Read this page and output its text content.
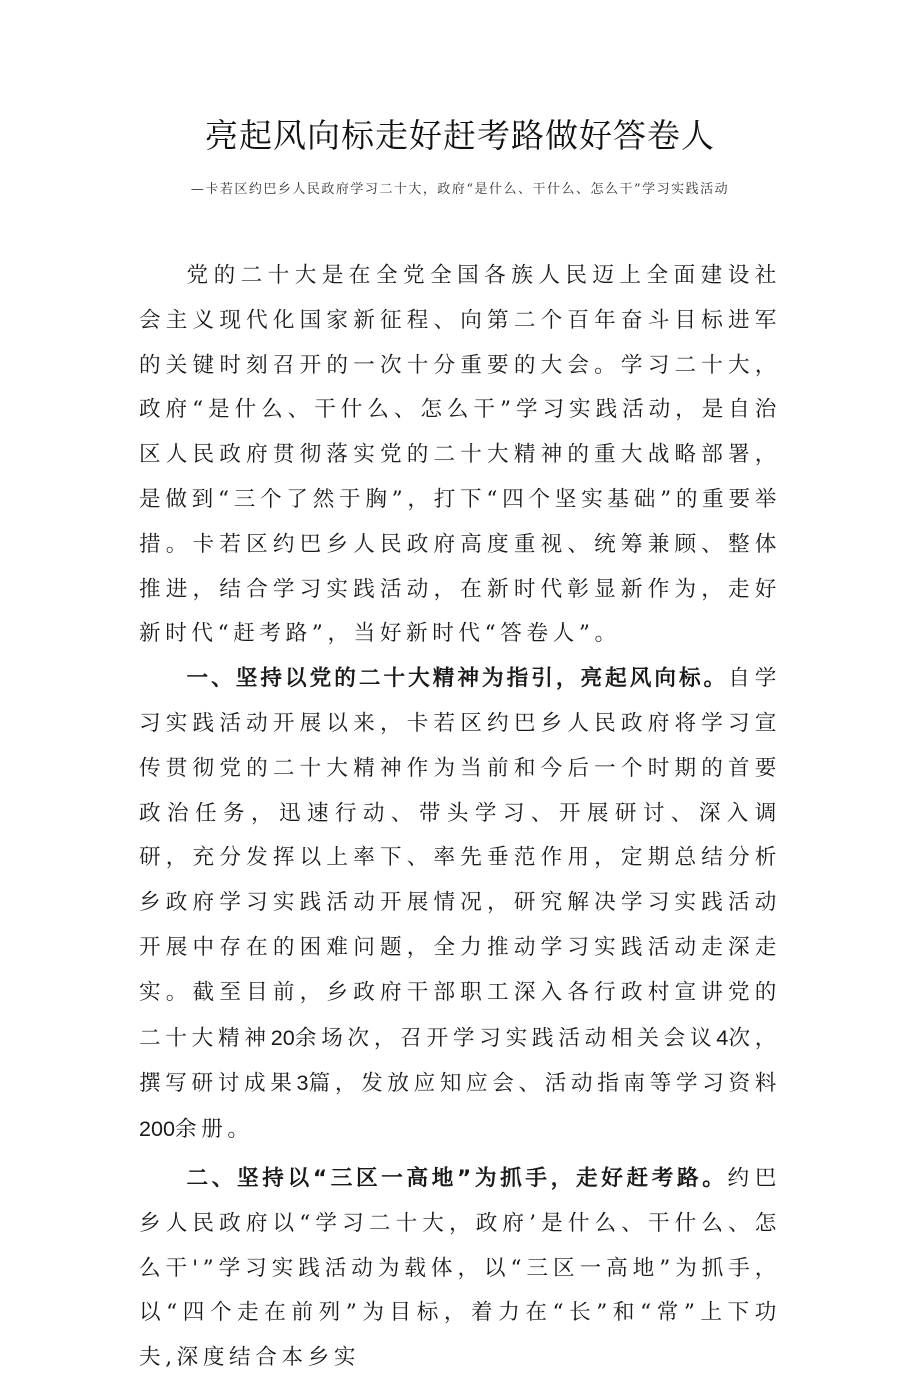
亮起风向标走好赶考路做好答卷人

—卡若区约巴乡人民政府学习二十大，政府“是什么、干什么、怎么干”学习实践活动

党的二十大是在全党全国各族人民迈上全面建设社会主义现代化国家新征程、向第二个百年奋斗目标进军的关键时刻召开的一次十分重要的大会。学习二十大，政府“是什么、干什么、怎么干”学习实践活动，是自治区人民政府贯彻落实党的二十大精神的重大战略部署，是做到“三个了然于胸”，打下“四个坚实基础”的重要举措。卡若区约巴乡人民政府高度重视、统筹兼顾、整体推进，结合学习实践活动，在新时代彰显新作为，走好新时代“赶考路”，当好新时代“答卷人”。

一、坚持以党的二十大精神为指引，亮起风向标。自学习实践活动开展以来，卡若区约巴乡人民政府将学习宣传贯彻党的二十大精神作为当前和今后一个时期的首要政治任务，迅速行动、带头学习、开展研讨、深入调研，充分发挥以上率下、率先垂范作用，定期总结分析乡政府学习实践活动开展情况，研究解决学习实践活动开展中存在的困难问题，全力推动学习实践活动走深走实。截至目前，乡政府干部职工深入各行政村宣讲党的二十大精神20余场次，召开学习实践活动相关会议4次，撰写研讨成果3篇，发放应知应会、活动指南等学习资料200余册。

二、坚持以“三区一高地”为抓手，走好赶考路。约巴乡人民政府以“学习二十大，政府’是什么、干什么、怎么干'”学习实践活动为载体，以“三区一高地”为抓手，以“四个走在前列”为目标，着力在“长”和“常”上下功夫,深度结合本乡实
